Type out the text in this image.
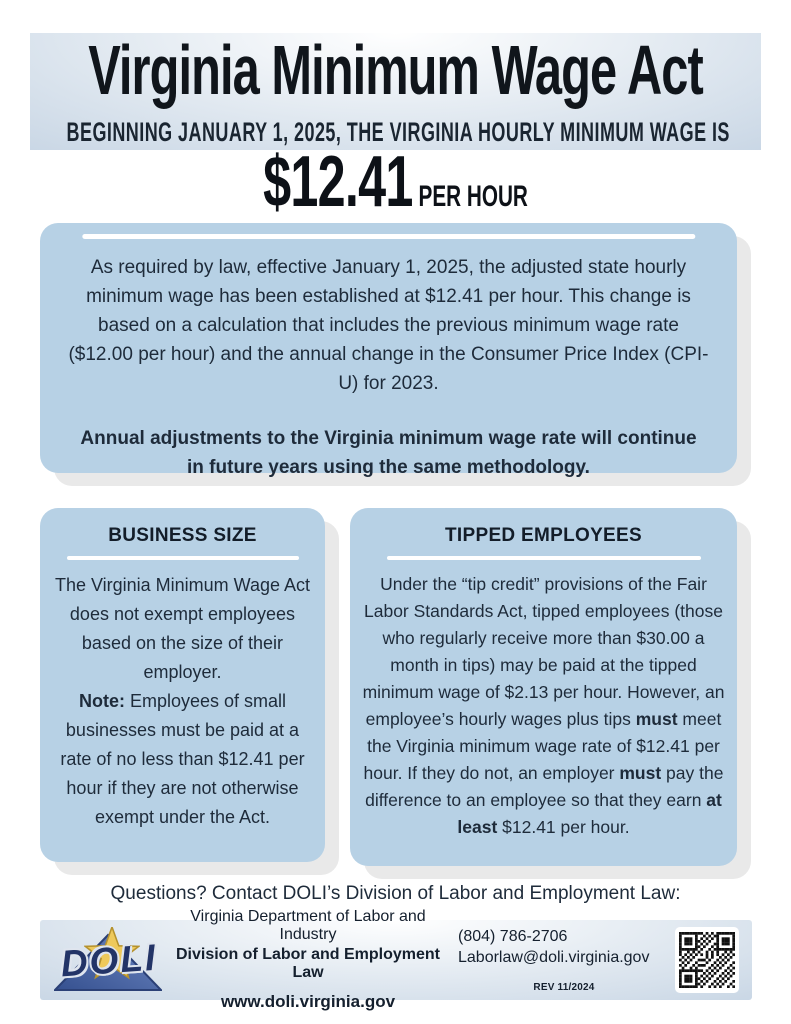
Virginia Minimum Wage Act
BEGINNING JANUARY 1, 2025, THE VIRGINIA HOURLY MINIMUM WAGE IS
$12.41 PER HOUR

As required by law, effective January 1, 2025, the adjusted state hourly minimum wage has been established at $12.41 per hour. This change is based on a calculation that includes the previous minimum wage rate ($12.00 per hour) and the annual change in the Consumer Price Index (CPI-U) for 2023.

Annual adjustments to the Virginia minimum wage rate will continue in future years using the same methodology.

BUSINESS SIZE

The Virginia Minimum Wage Act does not exempt employees based on the size of their employer.
Note: Employees of small businesses must be paid at a rate of no less than $12.41 per hour if they are not otherwise exempt under the Act.

TIPPED EMPLOYEES

Under the “tip credit” provisions of the Fair Labor Standards Act, tipped employees (those who regularly receive more than $30.00 a month in tips) may be paid at the tipped minimum wage of $2.13 per hour. However, an employee’s hourly wages plus tips must meet the Virginia minimum wage rate of $12.41 per hour. If they do not, an employer must pay the difference to an employee so that they earn at least $12.41 per hour.

Questions? Contact DOLI’s Division of Labor and Employment Law:

DOLI
Virginia Department of Labor and Industry
Division of Labor and Employment Law
www.doli.virginia.gov
(804) 786-2706
Laborlaw@doli.virginia.gov
REV 11/2024
